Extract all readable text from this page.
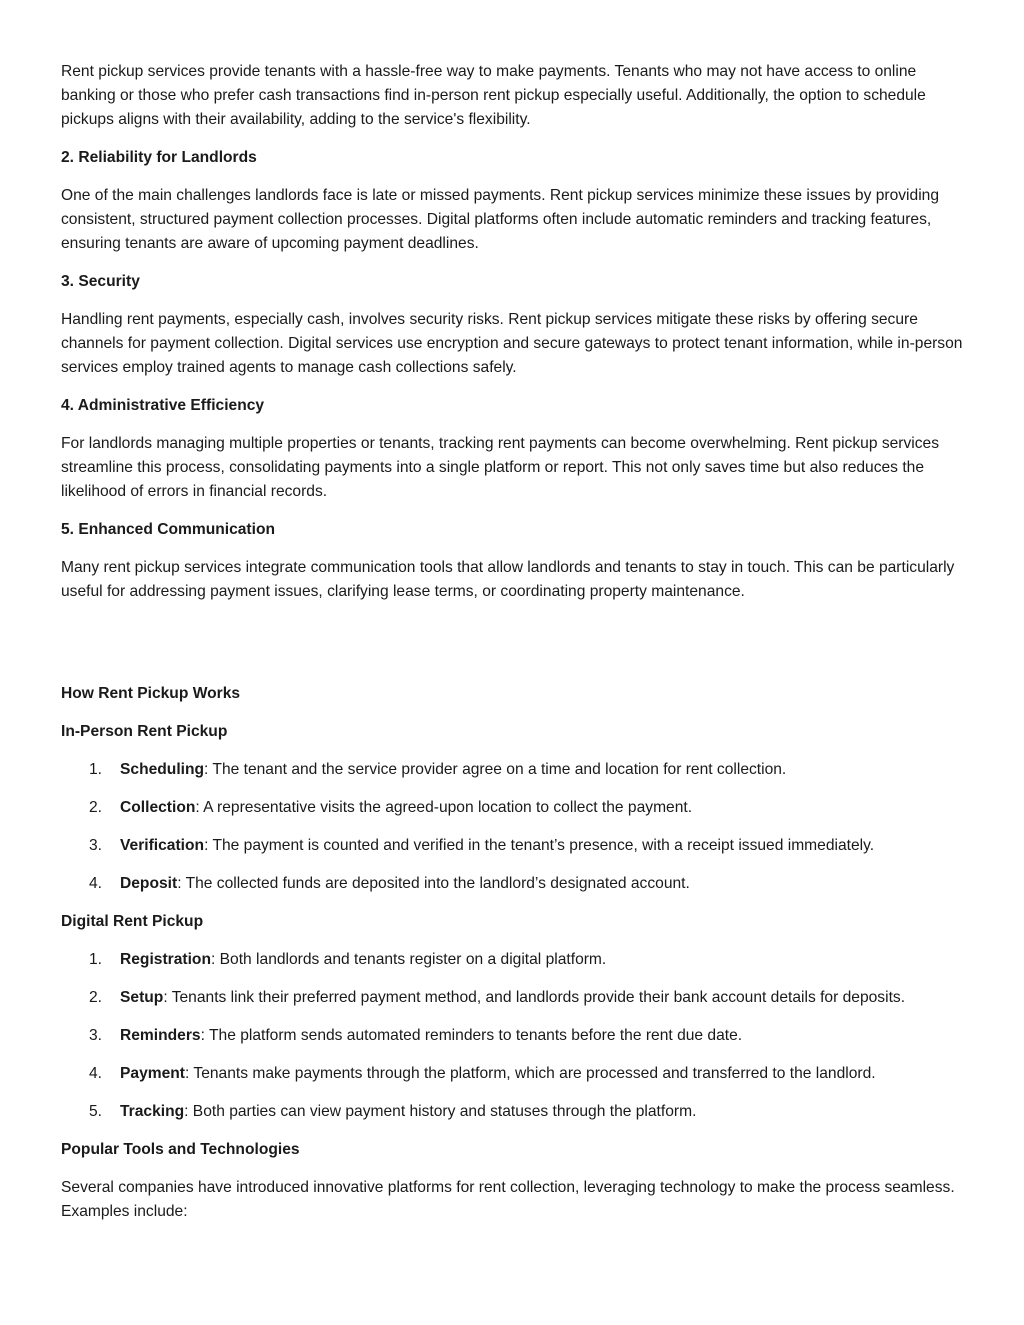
Rent pickup services provide tenants with a hassle-free way to make payments. Tenants who may not have access to online banking or those who prefer cash transactions find in-person rent pickup especially useful. Additionally, the option to schedule pickups aligns with their availability, adding to the service's flexibility.

2. Reliability for Landlords

One of the main challenges landlords face is late or missed payments. Rent pickup services minimize these issues by providing consistent, structured payment collection processes. Digital platforms often include automatic reminders and tracking features, ensuring tenants are aware of upcoming payment deadlines.

3. Security

Handling rent payments, especially cash, involves security risks. Rent pickup services mitigate these risks by offering secure channels for payment collection. Digital services use encryption and secure gateways to protect tenant information, while in-person services employ trained agents to manage cash collections safely.

4. Administrative Efficiency

For landlords managing multiple properties or tenants, tracking rent payments can become overwhelming. Rent pickup services streamline this process, consolidating payments into a single platform or report. This not only saves time but also reduces the likelihood of errors in financial records.

5. Enhanced Communication

Many rent pickup services integrate communication tools that allow landlords and tenants to stay in touch. This can be particularly useful for addressing payment issues, clarifying lease terms, or coordinating property maintenance.

How Rent Pickup Works
In-Person Rent Pickup
1. Scheduling: The tenant and the service provider agree on a time and location for rent collection.
2. Collection: A representative visits the agreed-upon location to collect the payment.
3. Verification: The payment is counted and verified in the tenant’s presence, with a receipt issued immediately.
4. Deposit: The collected funds are deposited into the landlord’s designated account.
Digital Rent Pickup
1. Registration: Both landlords and tenants register on a digital platform.
2. Setup: Tenants link their preferred payment method, and landlords provide their bank account details for deposits.
3. Reminders: The platform sends automated reminders to tenants before the rent due date.
4. Payment: Tenants make payments through the platform, which are processed and transferred to the landlord.
5. Tracking: Both parties can view payment history and statuses through the platform.
Popular Tools and Technologies

Several companies have introduced innovative platforms for rent collection, leveraging technology to make the process seamless. Examples include:
